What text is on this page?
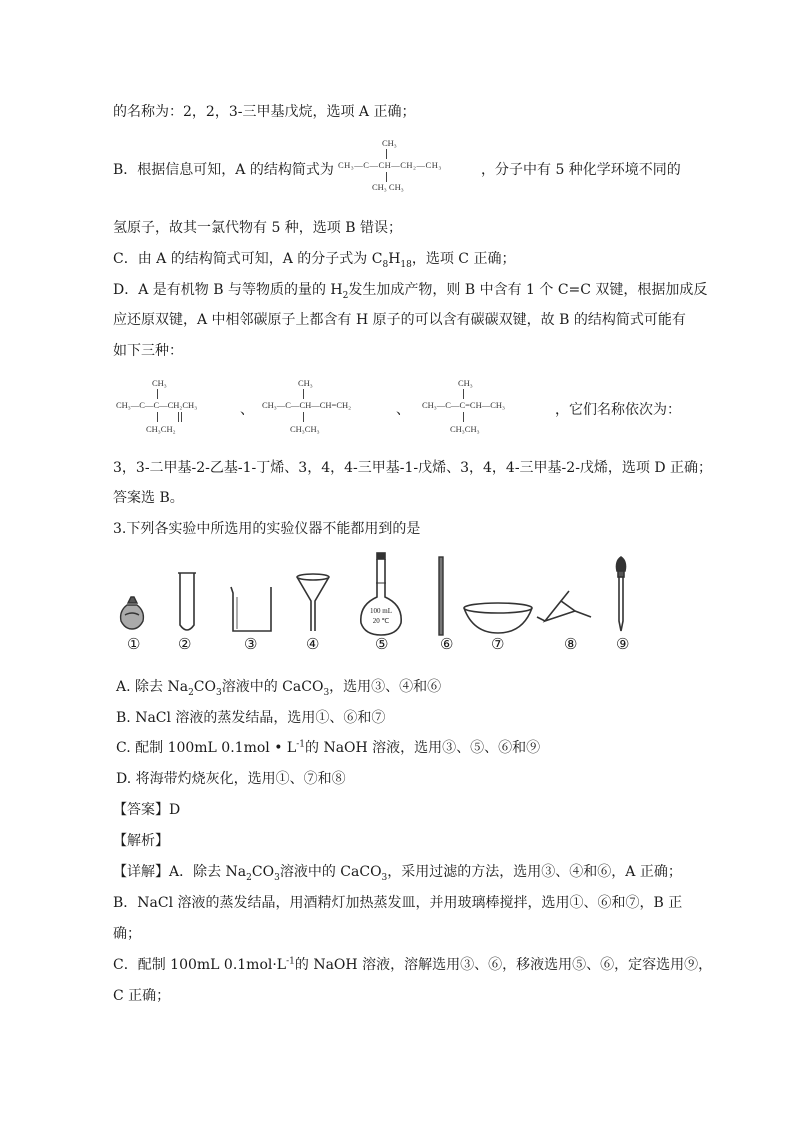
的名称为：2，2，3-三甲基戊烷，选项 A 正确；
B．根据信息可知，A 的结构简式为
CH₃
CH₃—C—CH—CH₂—CH₃
CH₃ CH₃
，分子中有 5 种化学环境不同的
氢原子，故其一氯代物有 5 种，选项 B 错误；
C．由 A 的结构简式可知，A 的分子式为 $C_8H_{18}$，选项 C 正确；
D．A 是有机物 B 与等物质的量的 $H_2$发生加成产物，则 B 中含有 1 个 C=C 双键，根据加成反
应还原双键，A 中相邻碳原子上都含有 H 原子的可以含有碳碳双键，故 B 的结构简式可能有
如下三种：
CH₃
CH₃—C—C—CH₂CH₃
CH₃CH₂
、
CH₃
CH₃—C—CH—CH=CH₂
CH₃CH₃
、
CH₃
CH₃—C—C=CH—CH₃
CH₃CH₃
，它们名称依次为：
3，3-二甲基-2-乙基-1-丁烯、3，4，4-三甲基-1-戊烯、3，4，4-三甲基-2-戊烯，选项 D 正确；
答案选 B。
3.下列各实验中所选用的实验仪器不能都用到的是
100 mL
20 ℃
①	②	③	④	⑤	⑥	⑦	⑧	⑨
A. 除去 $Na_2CO_3$溶液中的 CaCO$_3$，选用③、④和⑥
B. NaCl 溶液的蒸发结晶，选用①、⑥和⑦
C. 配制 100mL 0.1mol • $L^{-1}$的 NaOH 溶液，选用③、⑤、⑥和⑨
D. 将海带灼烧灰化，选用①、⑦和⑧
【答案】D
【解析】
【详解】A．除去 $Na_2CO_3$溶液中的 CaCO$_3$，采用过滤的方法，选用③、④和⑥，A 正确；
B．NaCl 溶液的蒸发结晶，用酒精灯加热蒸发皿，并用玻璃棒搅拌，选用①、⑥和⑦，B 正
确；
C．配制 100mL $0.1mol\cdot L^{-1}$的 NaOH 溶液，溶解选用③、⑥，移液选用⑤、⑥，定容选用⑨，
C 正确；
